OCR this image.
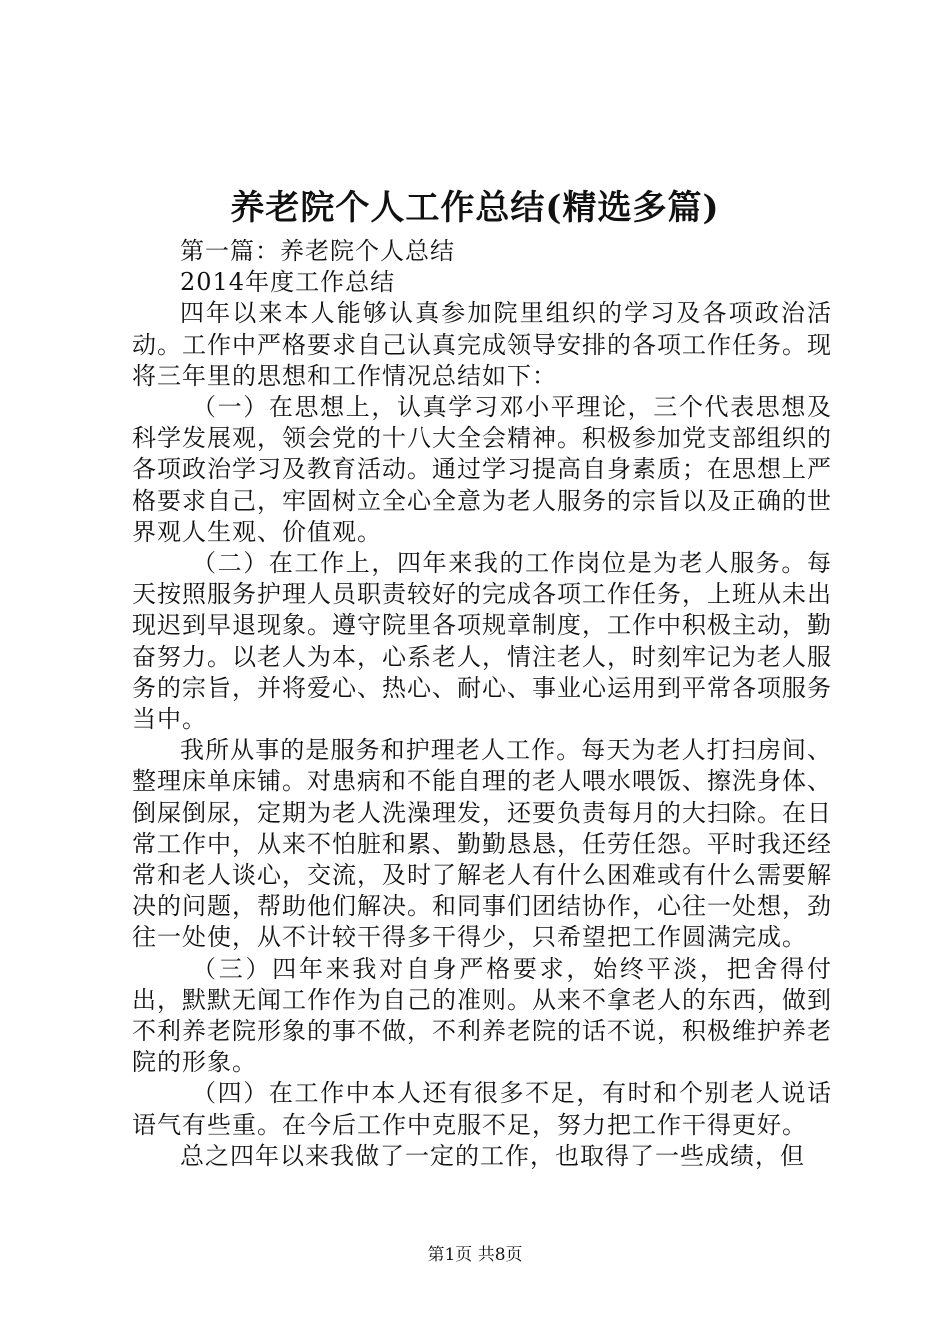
养老院个人工作总结(精选多篇)

第一篇：养老院个人总结

2014年度工作总结

四年以来本人能够认真参加院里组织的学习及各项政治活动。工作中严格要求自己认真完成领导安排的各项工作任务。现将三年里的思想和工作情况总结如下：

（一）在思想上，认真学习邓小平理论，三个代表思想及科学发展观，领会党的十八大全会精神。积极参加党支部组织的各项政治学习及教育活动。通过学习提高自身素质；在思想上严格要求自己，牢固树立全心全意为老人服务的宗旨以及正确的世界观人生观、价值观。

（二）在工作上，四年来我的工作岗位是为老人服务。每天按照服务护理人员职责较好的完成各项工作任务，上班从未出现迟到早退现象。遵守院里各项规章制度，工作中积极主动，勤奋努力。以老人为本，心系老人，情注老人，时刻牢记为老人服务的宗旨，并将爱心、热心、耐心、事业心运用到平常各项服务当中。

我所从事的是服务和护理老人工作。每天为老人打扫房间、整理床单床铺。对患病和不能自理的老人喂水喂饭、擦洗身体、倒屎倒尿，定期为老人洗澡理发，还要负责每月的大扫除。在日常工作中，从来不怕脏和累、勤勤恳恳，任劳任怨。平时我还经常和老人谈心，交流，及时了解老人有什么困难或有什么需要解决的问题，帮助他们解决。和同事们团结协作，心往一处想，劲往一处使，从不计较干得多干得少，只希望把工作圆满完成。

（三）四年来我对自身严格要求，始终平淡，把舍得付出，默默无闻工作作为自己的准则。从来不拿老人的东西，做到不利养老院形象的事不做，不利养老院的话不说，积极维护养老院的形象。

（四）在工作中本人还有很多不足，有时和个别老人说话语气有些重。在今后工作中克服不足，努力把工作干得更好。

总之四年以来我做了一定的工作，也取得了一些成绩，但

第1页 共8页
